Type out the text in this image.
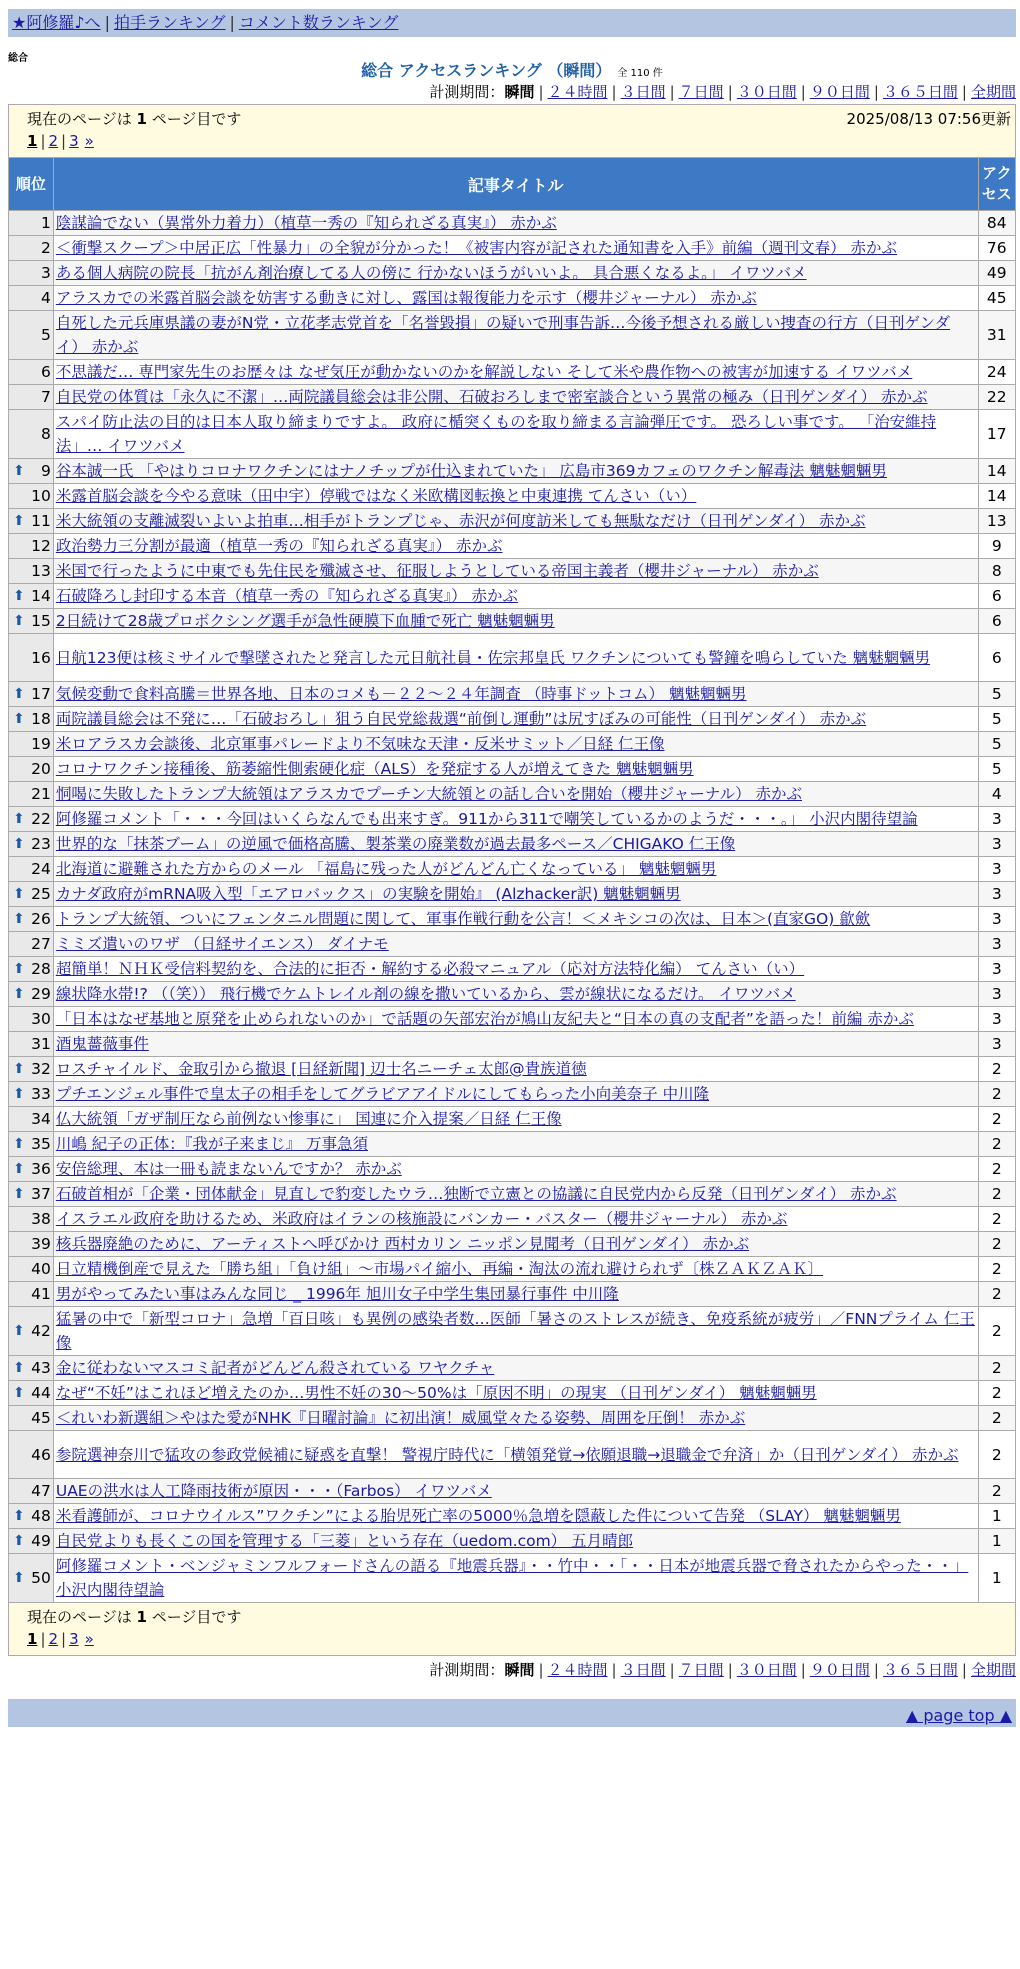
★阿修羅♪へ | 拍手ランキング | コメント数ランキング
総合
総合 アクセスランキング （瞬間） 全 110 件
計測期間：瞬間 | ２４時間 | ３日間 | ７日間 | ３０日間 | ９０日間 | ３６５日間 | 全期間
現在のページは 1 ページ目です	2025/08/13 07:56更新
1 | 2 | 3 »
順位	記事タイトル	アクセス
1	陰謀論でない（異常外力着力）（植草一秀の『知られざる真実』） 赤かぶ	84
2	＜衝撃スクープ＞中居正広「性暴力」の全貌が分かった！《被害内容が記された通知書を入手》前編（週刊文春） 赤かぶ	76
3	ある個人病院の院長「抗がん剤治療してる人の傍に 行かないほうがいいよ。 具合悪くなるよ。」 イワツバメ	49
4	アラスカでの米露首脳会談を妨害する動きに対し、露国は報復能力を示す（櫻井ジャーナル） 赤かぶ	45
5	自死した元兵庫県議の妻がN党・立花孝志党首を「名誉毀損」の疑いで刑事告訴…今後予想される厳しい捜査の行方（日刊ゲンダイ） 赤かぶ	31
6	不思議だ… 専門家先生のお歴々は なぜ気圧が動かないのかを解説しない そして米や農作物への被害が加速する イワツバメ	24
7	自民党の体質は「永久に不潔」…両院議員総会は非公開、石破おろしまで密室談合という異常の極み（日刊ゲンダイ） 赤かぶ	22
8	スパイ防止法の目的は日本人取り締まりですよ。 政府に楯突くものを取り締まる言論弾圧です。 恐ろしい事です。 「治安維持法」… イワツバメ	17

⬆ 9	谷本誠一氏 「やはりコロナワクチンにはナノチップが仕込まれていた」 広島市369カフェのワクチン解毒法 魑魅魍魎男	14
10	米露首脳会談を今やる意味（田中宇）停戦ではなく米欧構図転換と中東連携 てんさい（い）	14

⬆ 11	米大統領の支離滅裂いよいよ拍車…相手がトランプじゃ、赤沢が何度訪米しても無駄なだけ（日刊ゲンダイ） 赤かぶ	13
12	政治勢力三分割が最適（植草一秀の『知られざる真実』） 赤かぶ	9
13	米国で行ったように中東でも先住民を殲滅させ、征服しようとしている帝国主義者（櫻井ジャーナル） 赤かぶ	8

⬆ 14	石破降ろし封印する本音（植草一秀の『知られざる真実』） 赤かぶ	6

⬆ 15	2日続けて28歳プロボクシング選手が急性硬膜下血腫で死亡 魑魅魍魎男	6
16	日航123便は核ミサイルで撃墜されたと発言した元日航社員・佐宗邦皇氏 ワクチンについても警鐘を鳴らしていた 魑魅魍魎男	6

⬆ 17	気候変動で食料高騰＝世界各地、日本のコメも－２２～２４年調査 （時事ドットコム） 魑魅魍魎男	5

⬆ 18	両院議員総会は不発に…「石破おろし」狙う自民党総裁選“前倒し運動”は尻すぼみの可能性（日刊ゲンダイ） 赤かぶ	5
19	米ロアラスカ会談後、北京軍事パレードより不気味な天津・反米サミット／日経 仁王像	5
20	コロナワクチン接種後、筋萎縮性側索硬化症（ALS）を発症する人が増えてきた 魑魅魍魎男	5
21	恫喝に失敗したトランプ大統領はアラスカでプーチン大統領との話し合いを開始（櫻井ジャーナル） 赤かぶ	4

⬆ 22	阿修羅コメント「・・・今回はいくらなんでも出来すぎ。911から311で嘲笑しているかのようだ・・・。」 小沢内閣待望論	3

⬆ 23	世界的な「抹茶ブーム」の逆風で価格高騰、製茶業の廃業数が過去最多ペース／CHIGAKO 仁王像	3
24	北海道に避難された方からのメール 「福島に残った人がどんどん亡くなっている」 魑魅魍魎男	3

⬆ 25	カナダ政府がmRNA吸入型「エアロバックス」の実験を開始』 (Alzhacker訳) 魑魅魍魎男	3

⬆ 26	トランプ大統領、ついにフェンタニル問題に関して、軍事作戦行動を公言！＜メキシコの次は、日本＞(直家GO) 歙歛	3
27	ミミズ遣いのワザ （日経サイエンス） ダイナモ	3

⬆ 28	超簡単！ＮＨＫ受信料契約を、合法的に拒否・解約する必殺マニュアル（応対方法特化編） てんさい（い）	3

⬆ 29	線状降水帯!? （（笑）） 飛行機でケムトレイル剤の線を撒いているから、雲が線状になるだけ。 イワツバメ	3
30	「日本はなぜ基地と原発を止められないのか」で話題の矢部宏治が鳩山友紀夫と“日本の真の支配者”を語った！前編 赤かぶ	3
31	酒鬼薔薇事件	3

⬆ 32	ロスチャイルド、金取引から撤退 [日経新聞] 辺士名ニーチェ太郎@貴族道徳	2

⬆ 33	プチエンジェル事件で皇太子の相手をしてグラビアアイドルにしてもらった小向美奈子 中川隆	2
34	仏大統領「ガザ制圧なら前例ない惨事に」 国連に介入提案／日経 仁王像	2

⬆ 35	川嶋 紀子の正体：『我が子来まじ』 万事急須	2

⬆ 36	安倍総理、本は一冊も読まないんですか？ 赤かぶ	2

⬆ 37	石破首相が「企業・団体献金」見直しで豹変したウラ…独断で立憲との協議に自民党内から反発（日刊ゲンダイ） 赤かぶ	2
38	イスラエル政府を助けるため、米政府はイランの核施設にバンカー・バスター（櫻井ジャーナル） 赤かぶ	2
39	核兵器廃絶のために、アーティストへ呼びかけ 西村カリン ニッポン見聞考（日刊ゲンダイ） 赤かぶ	2
40	日立精機倒産で見えた「勝ち組」「負け組」～市場パイ縮小、再編・淘汰の流れ避けられず〔株ＺＡＫＺＡＫ〕	2
41	男がやってみたい事はみんな同じ _ 1996年 旭川女子中学生集団暴行事件 中川隆	2

⬆ 42	猛暑の中で「新型コロナ」急増「百日咳」も異例の感染者数…医師「暑さのストレスが続き、免疫系統が疲労」／FNNプライム 仁王像	2

⬆ 43	金に従わないマスコミ記者がどんどん殺されている ワヤクチャ	2

⬆ 44	なぜ“不妊”はこれほど増えたのか…男性不妊の30～50%は「原因不明」の現実 （日刊ゲンダイ） 魑魅魍魎男	2
45	＜れいわ新選組＞やはた愛がNHK『日曜討論』に初出演！威風堂々たる姿勢、周囲を圧倒！ 赤かぶ	2
46	参院選神奈川で猛攻の参政党候補に疑惑を直撃！ 警視庁時代に「横領発覚→依願退職→退職金で弁済」か（日刊ゲンダイ） 赤かぶ	2
47	UAEの洪水は人工降雨技術が原因・・・（Farbos） イワツバメ	2

⬆ 48	米看護師が、コロナウイルス”ワクチン”による胎児死亡率の5000％急増を隠蔽した件について告発 （SLAY） 魑魅魍魎男	1

⬆ 49	自民党よりも長くこの国を管理する「三菱」という存在（uedom.com） 五月晴郎	1

⬆ 50	阿修羅コメント・ベンジャミンフルフォードさんの語る『地震兵器』・・竹中・・「・・日本が地震兵器で脅されたからやった・・」 小沢内閣待望論	1
現在のページは 1 ページ目です
1 | 2 | 3 »
計測期間：瞬間 | ２４時間 | ３日間 | ７日間 | ３０日間 | ９０日間 | ３６５日間 | 全期間
▲ page top ▲
